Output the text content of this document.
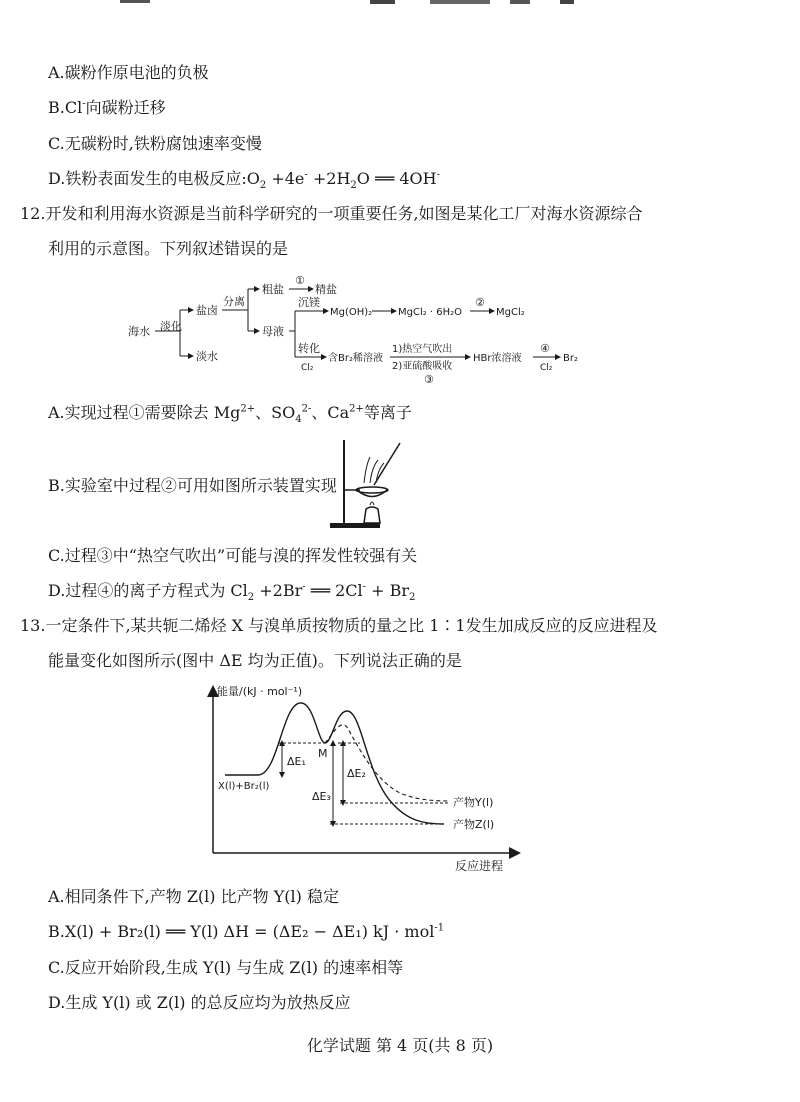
A.碳粉作原电池的负极
B.Cl-向碳粉迁移
C.无碳粉时,铁粉腐蚀速率变慢
D.铁粉表面发生的电极反应$:O_2 +4e^- +2H_2O$ ══ 4OH-
12.开发和利用海水资源是当前科学研究的一项重要任务,如图是某化工厂对海水资源综合
利用的示意图。下列叙述错误的是
海水 淡化
盐卤
淡水
分离
粗盐
①
精盐
母液
沉镁
Mg(OH)₂	MgCl₂ · 6H₂O
②
MgCl₂
转化
Cl₂
含Br₂稀溶液
1)热空气吹出
2)亚硫酸吸收
③
HBr浓溶液
④
Cl₂
Br₂
A.实现过程①需要除去 $Mg^{2+}$、$SO_4^{2-}$、$Ca^{2+}$等离子
B.实验室中过程②可用如图所示装置实现
C.过程③中“热空气吹出”可能与溴的挥发性较强有关
D.过程④的离子方程式为 $Cl_2 +2Br^-$ ══ $2Cl^- + Br_2$
13.一定条件下,某共轭二烯烃 X 与溴单质按物质的量之比 1∶1发生加成反应的反应进程及
能量变化如图所示(图中 ΔE 均为正值)。下列说法正确的是
能量/(kJ · mol⁻¹)
反应进程
ΔE₁
M
X(l)+Br₂(l)
ΔE₂
ΔE₃	产物Y(l)
产物Z(l)
A.相同条件下,产物 Z(l) 比产物 Y(l) 稳定
B.X(l) + Br₂(l) ══ Y(l) ΔH = (ΔE₂ − ΔE₁) kJ · mol$^{-1}$
C.反应开始阶段,生成 Y(l) 与生成 Z(l) 的速率相等
D.生成 Y(l) 或 Z(l) 的总反应均为放热反应
化学试题 第 4 页(共 8 页)
